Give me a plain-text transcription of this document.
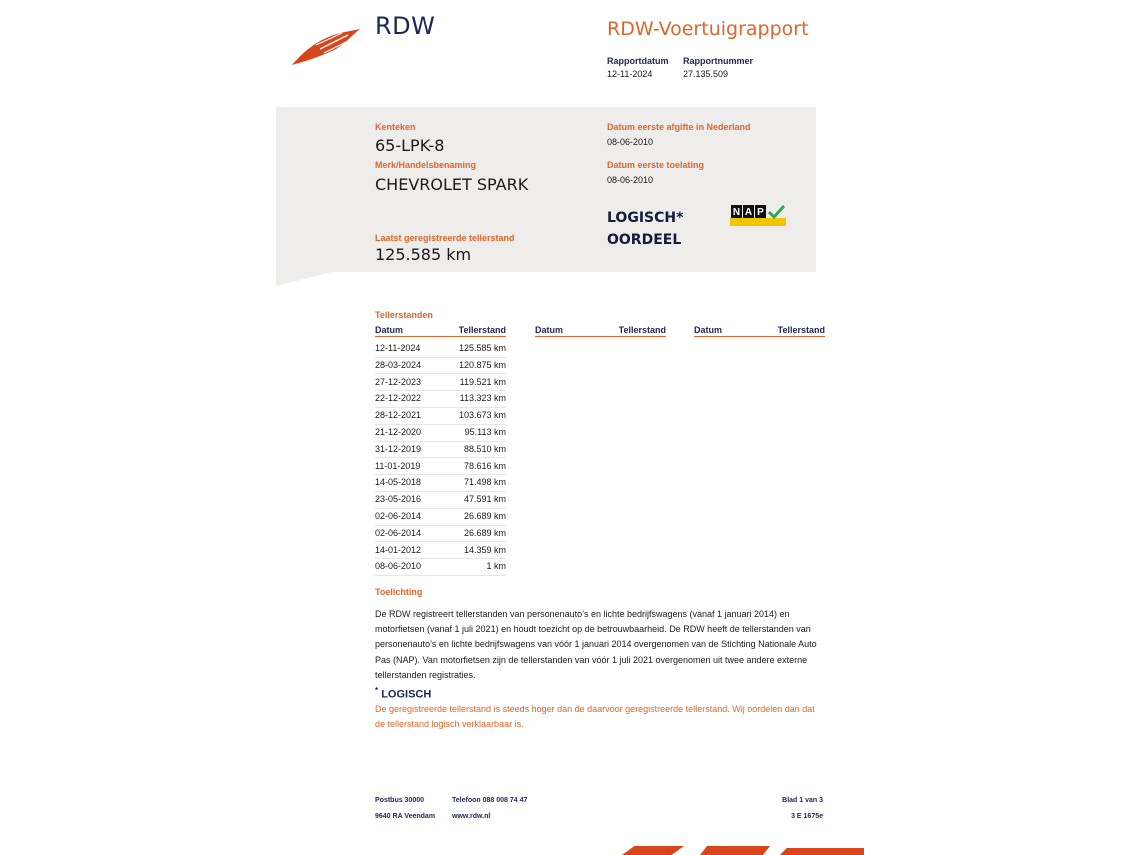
RDW	RDW-Voertuigrapport
Rapportdatum
12-11-2024
Rapportnummer
27.135.509
Kenteken
65-LPK-8
Merk/Handelsbenaming
CHEVROLET SPARK
Laatst geregistreerde tellerstand
125.585 km
Datum eerste afgifte in Nederland
08-06-2010
Datum eerste toelating
08-06-2010
LOGISCH*
OORDEEL
N A P
Tellerstanden
Datum	Tellerstand	Datum	Tellerstand	Datum	Tellerstand
12-11-2024	125.585 km
28-03-2024	120.875 km
27-12-2023	119.521 km
22-12-2022	113.323 km
28-12-2021	103.673 km
21-12-2020	95.113 km
31-12-2019	88.510 km
11-01-2019	78.616 km
14-05-2018	71.498 km
23-05-2016	47.591 km
02-06-2014	26.689 km
02-06-2014	26.689 km
14-01-2012	14.359 km
08-06-2010	1 km
Toelichting
De RDW registreert tellerstanden van personenauto’s en lichte bedrijfswagens (vanaf 1 januari 2014) en motorfietsen (vanaf 1 juli 2021) en houdt toezicht op de betrouwbaarheid. De RDW heeft de tellerstanden van personenauto’s en lichte bedrijfswagens van vóór 1 januari 2014 overgenomen van de Stichting Nationale Auto Pas (NAP). Van motorfietsen zijn de tellerstanden van vóór 1 juli 2021 overgenomen uit twee andere externe tellerstanden registraties.
* LOGISCH
De geregistreerde tellerstand is steeds hoger dan de daarvoor geregistreerde tellerstand. Wij oordelen dan dat de tellerstand logisch verklaarbaar is.
Postbus 30000
9640 RA Veendam
Telefoon 088 008 74 47
www.rdw.nl
Blad 1 van 3
3 E 1675e
